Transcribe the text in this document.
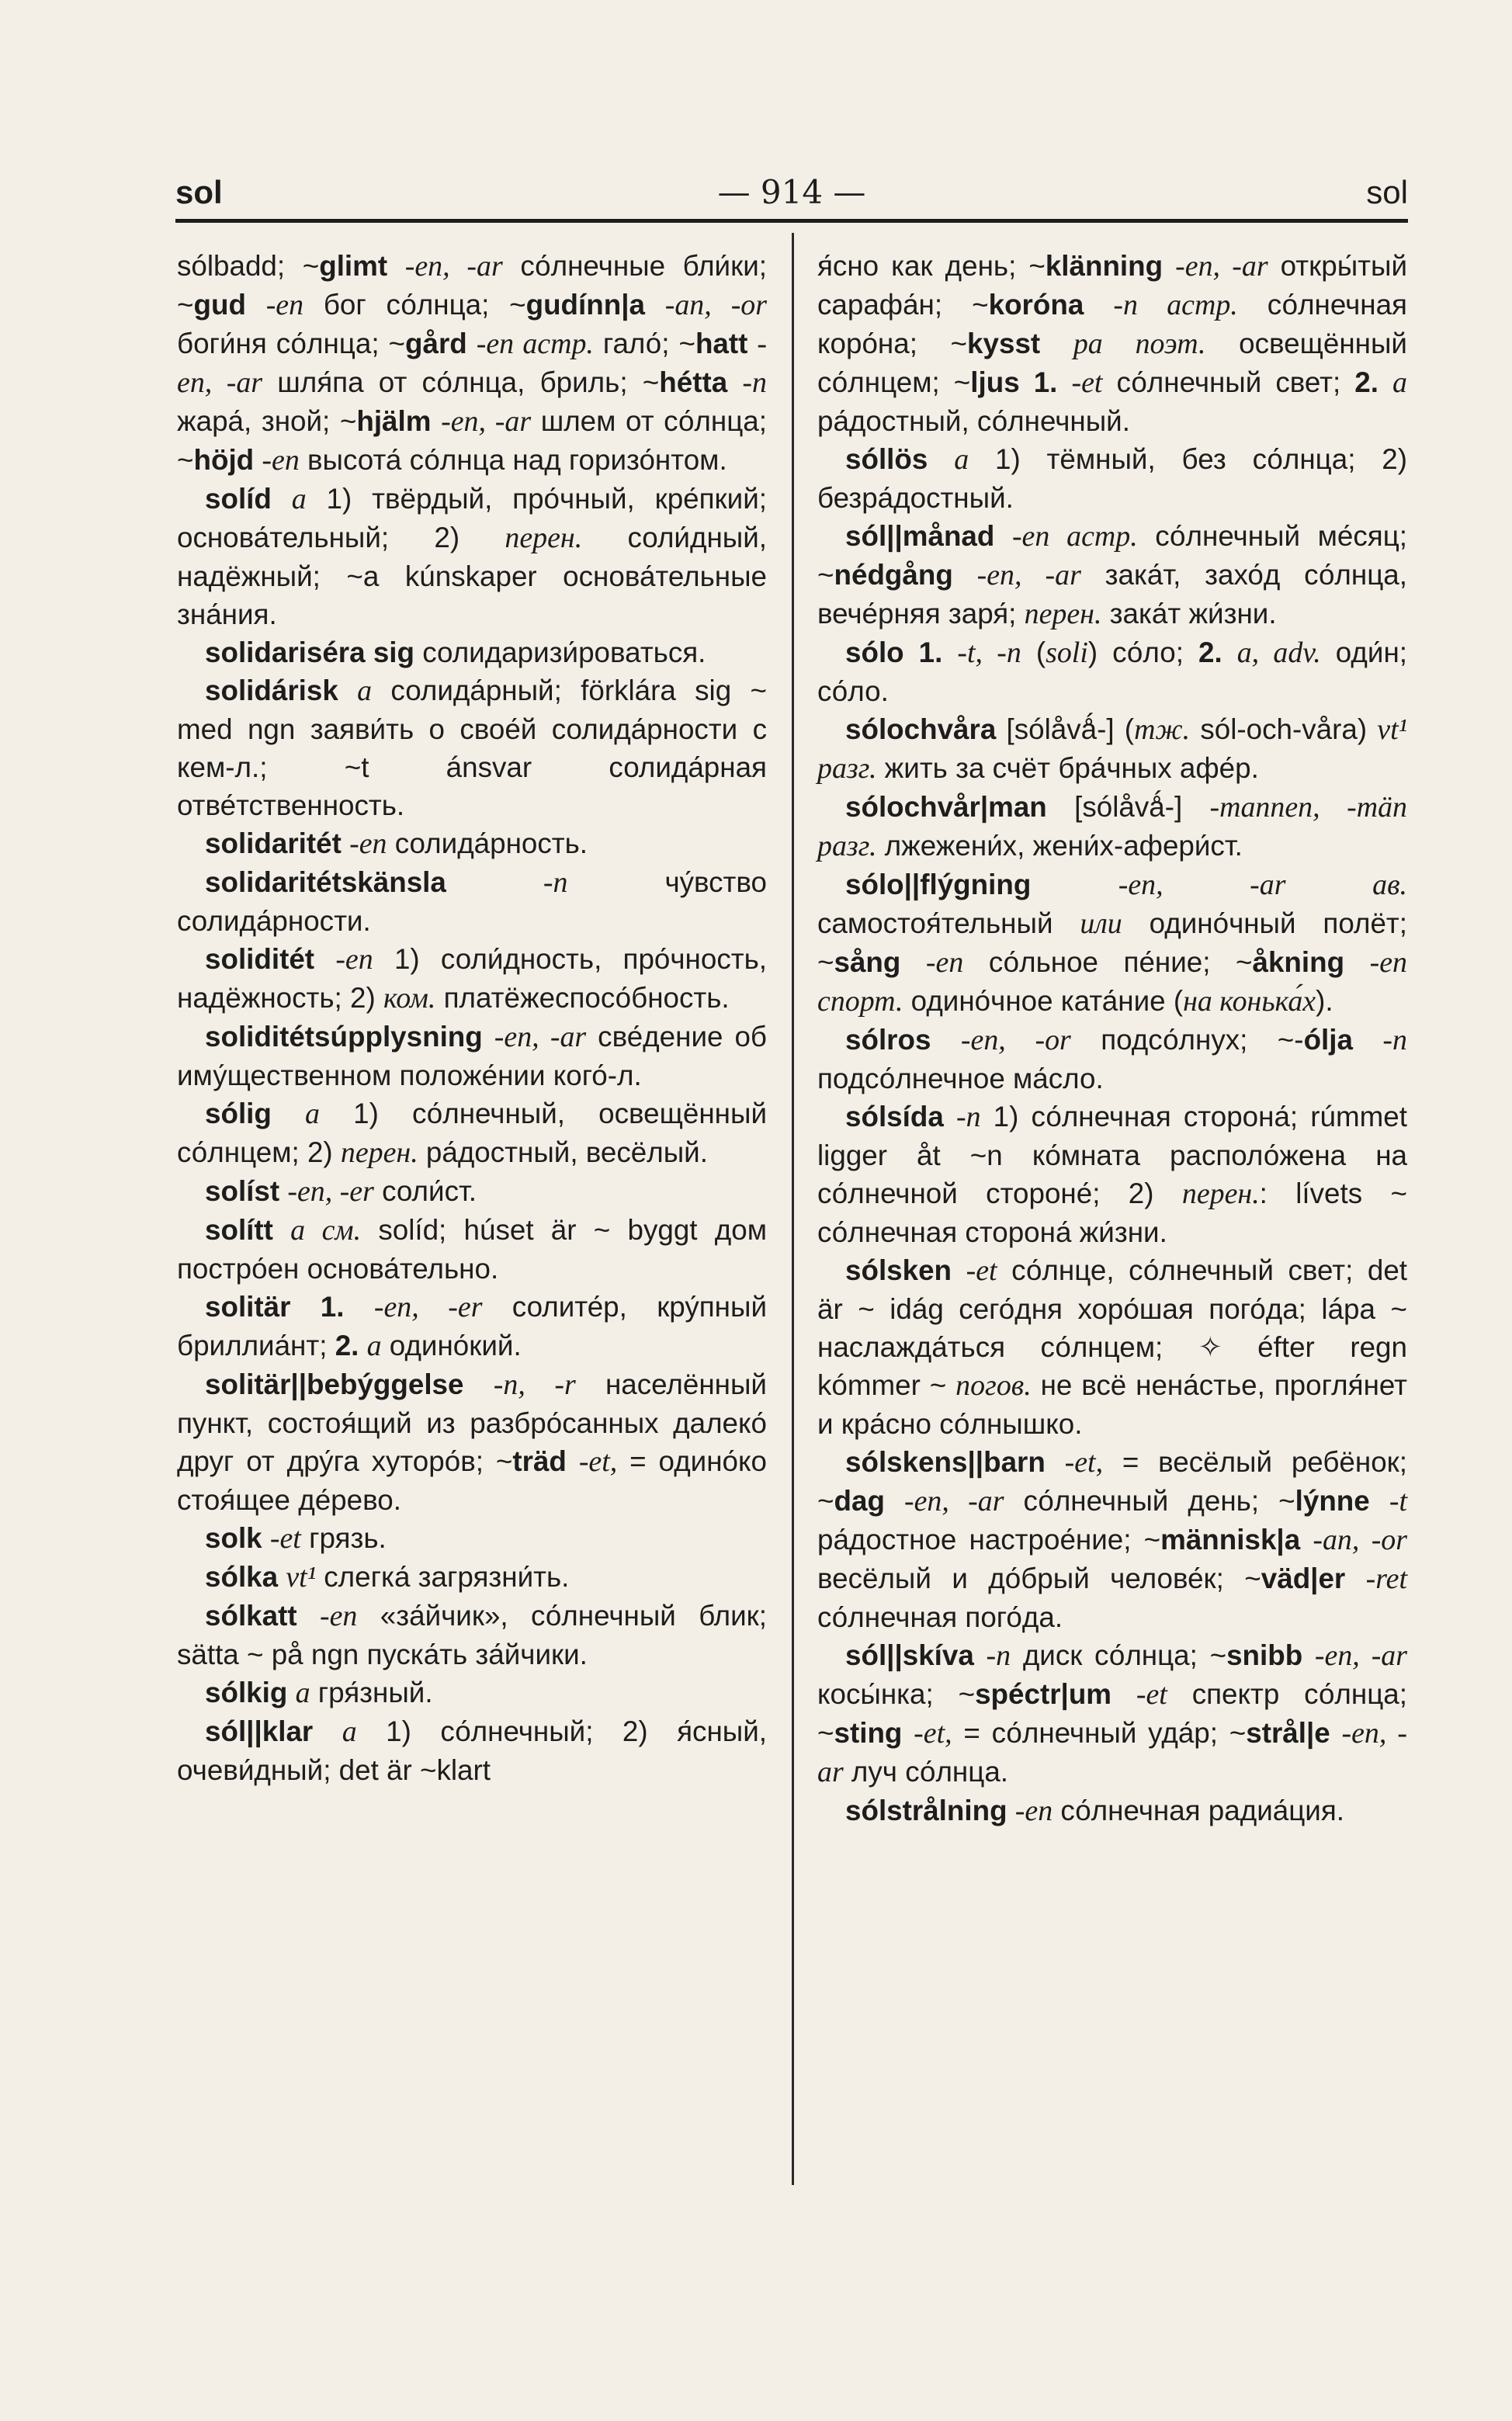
sol	— 914 —	sol

sólbadd; ~glimt -en, -ar со́лнечные бли́ки; ~gud -en бог со́лнца; ~gudínn|a -an, -or боги́ня со́лнца; ~gård -en астр. гало́; ~hatt -en, -ar шля́па от со́лнца, бриль; ~hétta -n жара́, зной; ~hjälm -en, -ar шлем от со́лнца; ~höjd -en высота́ со́лнца над горизо́нтом.

solíd a 1) твёрдый, про́чный, кре́пкий; основа́тельный; 2) перен. соли́дный, надёжный; ~a kúnskaper основа́тельные зна́ния.

solidariséra sig солидаризи́роваться.

solidárisk a солида́рный; förklára sig ~ med ngn заяви́ть о свое́й солида́рности с кем-л.; ~t ánsvar солида́рная отве́тственность.

solidaritét -en солида́рность.

solidaritétskänsla	-n чу́вство солида́рности.

soliditét -en 1) соли́дность, про́чность, надёжность; 2) ком. платёжеспосо́бность.

soliditétsúpplysning -en, -ar све́дение об иму́щественном положе́нии кого́-л.

sólig a 1) со́лнечный, освещённый со́лнцем; 2) перен. ра́достный, весёлый.

solíst -en, -er соли́ст.

solítt a см. solíd; húset är ~ byggt дом постро́ен основа́тельно.

solitär 1. -en, -er солите́р, кру́пный бриллиа́нт; 2. a одино́кий.

solitär||bebýggelse -n, -r населённый пункт, состоя́щий из разбро́санных далеко́ друг от дру́га хуторо́в; ~träd -et, = одино́ко стоя́щее де́рево.

solk -et грязь.

sólka vt¹ слегка́ загрязни́ть.

sólkatt -en «за́йчик», со́лнечный блик; sätta ~ på ngn пуска́ть за́йчики.

sólkig a гря́зный.

sól||klar a 1) со́лнечный; 2) я́сный, очеви́дный; det är ~klart

я́сно как день; ~klänning -en, -ar откры́тый сарафа́н; ~koróna -n астр. со́лнечная коро́на; ~kysst pa поэт. освещённый со́лнцем; ~ljus 1. -et со́лнечный свет; 2. a ра́достный, со́лнечный.

sóllös a 1) тёмный, без со́лнца; 2) безра́достный.

sól||månad -en астр. со́лнечный ме́сяц; ~nédgång -en, -ar зака́т, захо́д со́лнца, вече́рняя заря́; перен. зака́т жи́зни.

sólo 1. -t, -n (soli) со́ло; 2. a, adv. оди́н; со́ло.

sólochvåra [sólåvǻ-] (тж. sól-och-våra) vt¹ разг. жить за счёт бра́чных афе́р.

sólochvår|man [sólåvǻ-] -mannen, -män разг. лжежени́х, жени́х-афери́ст.

sólo||flýgning	-en, -ar ав. самостоя́тельный или одино́чный полёт; ~sång -en со́льное пе́ние; ~åkning -en спорт. одино́чное ката́ние (на конька́х).

sólros -en, -or подсо́лнух; ~-ólja -n подсо́лнечное ма́сло.

sólsída -n 1) со́лнечная сторона́; rúmmet ligger åt ~n ко́мната располо́жена на со́лнечной стороне́; 2) перен.: lívets ~ со́лнечная сторона́ жи́зни.

sólsken -et со́лнце, со́лнечный свет; det är ~ idág сего́дня хоро́шая пого́да; lápa ~ наслажда́ться со́лнцем; ✧ éfter regn kómmer ~ погов. не всё нена́стье, прогля́нет и кра́сно со́лнышко.

sólskens||barn -et, = весёлый ребёнок; ~dag -en, -ar со́лнечный день; ~lýnne -t ра́достное настрое́ние; ~människ|a -an, -or весёлый и до́брый челове́к; ~väd|er -ret со́лнечная пого́да.

sól||skíva -n диск со́лнца; ~snibb -en, -ar косы́нка; ~spéctr|um -et спектр со́лнца; ~sting -et, = со́лнечный уда́р; ~strål|e -en, -ar луч со́лнца.

sólstrålning -en со́лнечная радиа́ция.
